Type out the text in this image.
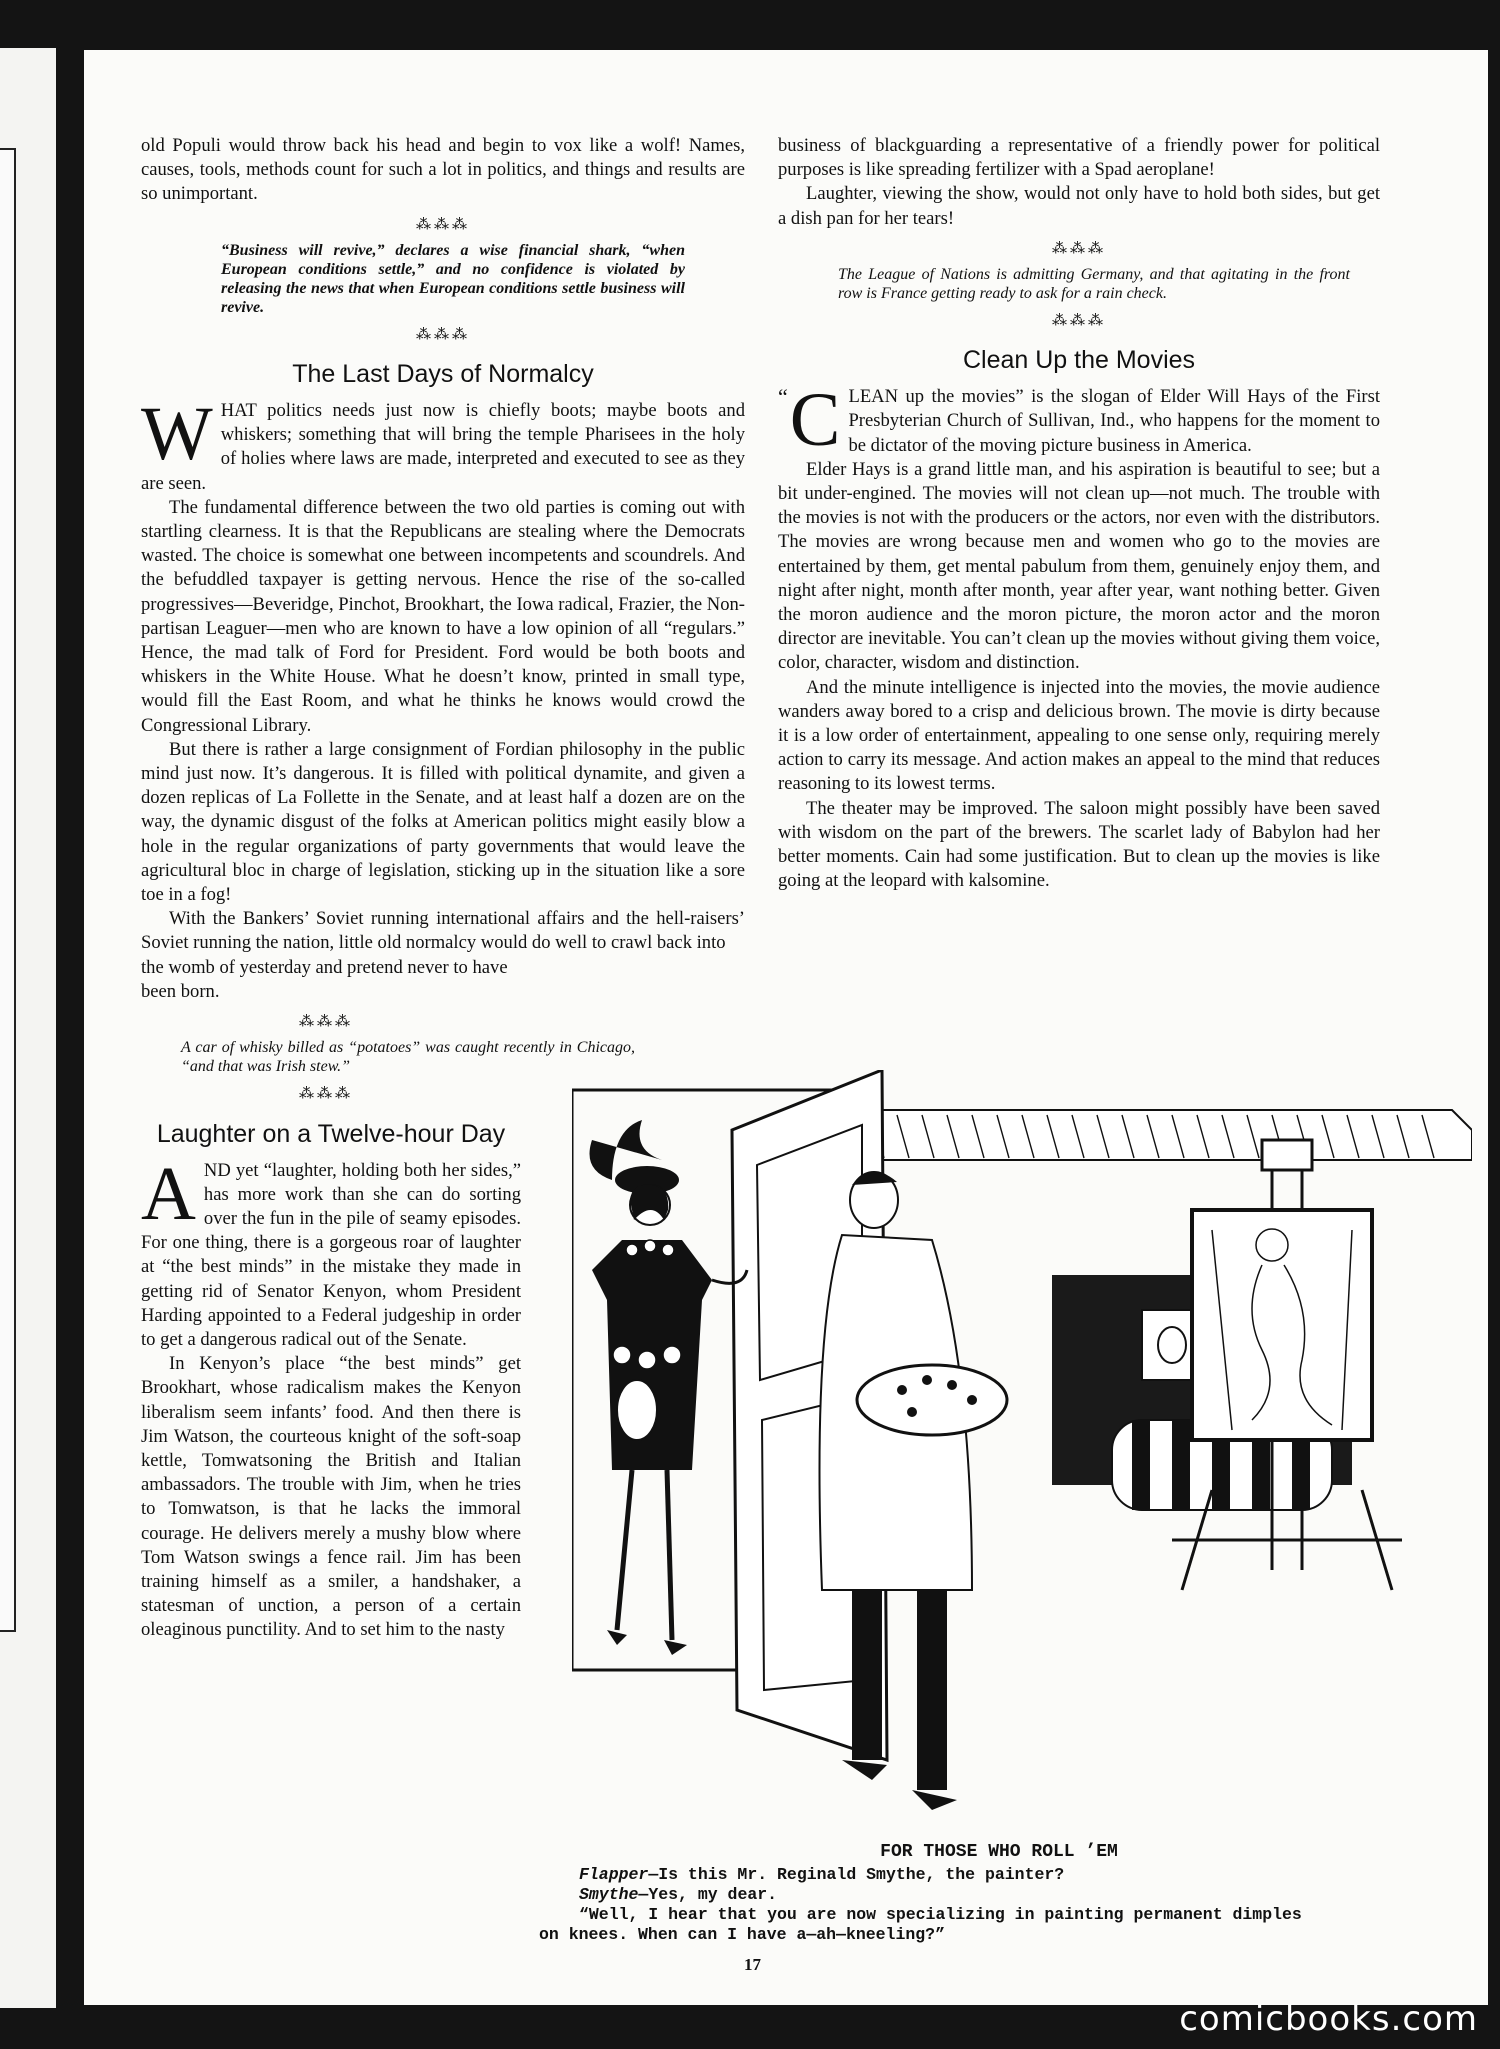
old Populi would throw back his head and begin to vox like a wolf! Names, causes, tools, methods count for such a lot in politics, and things and results are so unimportant.

⁂⁂⁂
“Business will revive,” declares a wise financial shark, “when European conditions settle,” and no confidence is violated by releasing the news that when European conditions settle business will revive.
⁂⁂⁂
The Last Days of Normalcy

WHAT politics needs just now is chiefly boots; maybe boots and whiskers; something that will bring the temple Pharisees in the holy of holies where laws are made, interpreted and executed to see as they are seen.

The fundamental difference between the two old parties is coming out with startling clearness. It is that the Republicans are stealing where the Democrats wasted. The choice is somewhat one between incompetents and scoundrels. And the befuddled taxpayer is getting nervous. Hence the rise of the so-called progressives—Beveridge, Pinchot, Brookhart, the Iowa radical, Frazier, the Non-partisan Leaguer—men who are known to have a low opinion of all “regulars.” Hence, the mad talk of Ford for President. Ford would be both boots and whiskers in the White House. What he doesn’t know, printed in small type, would fill the East Room, and what he thinks he knows would crowd the Congressional Library.

But there is rather a large consignment of Fordian philosophy in the public mind just now. It’s dangerous. It is filled with political dynamite, and given a dozen replicas of La Follette in the Senate, and at least half a dozen are on the way, the dynamic disgust of the folks at American politics might easily blow a hole in the regular organizations of party governments that would leave the agricultural bloc in charge of legislation, sticking up in the situation like a sore toe in a fog!

With the Bankers’ Soviet running international affairs and the hell-raisers’ Soviet running the nation, little old normalcy would do well to crawl back into

the womb of yesterday and pretend never to have been born.

⁂⁂⁂
A car of whisky billed as “potatoes” was caught recently in Chicago, “and that was Irish stew.”
⁂⁂⁂
Laughter on a Twelve-hour Day

AND yet “laughter, holding both her sides,” has more work than she can do sorting over the fun in the pile of seamy episodes. For one thing, there is a gorgeous roar of laughter at “the best minds” in the mistake they made in getting rid of Senator Kenyon, whom President Harding appointed to a Federal judgeship in order to get a dangerous radical out of the Senate.

In Kenyon’s place “the best minds” get Brookhart, whose radicalism makes the Kenyon liberalism seem infants’ food. And then there is Jim Watson, the courteous knight of the soft-soap kettle, Tomwatsoning the British and Italian ambassadors. The trouble with Jim, when he tries to Tomwatson, is that he lacks the immoral courage. He delivers merely a mushy blow where Tom Watson swings a fence rail. Jim has been training himself as a smiler, a handshaker, a statesman of unction, a person of a certain oleaginous punctility. And to set him to the nasty

business of blackguarding a representative of a friendly power for political purposes is like spreading fertilizer with a Spad aeroplane!

Laughter, viewing the show, would not only have to hold both sides, but get a dish pan for her tears!

⁂⁂⁂
The League of Nations is admitting Germany, and that agitating in the front row is France getting ready to ask for a rain check.
⁂⁂⁂
Clean Up the Movies

“ C LEAN up the movies” is the slogan of Elder Will Hays of the First Presbyterian Church of Sullivan, Ind., who happens for the moment to be dictator of the moving picture business in America.

Elder Hays is a grand little man, and his aspiration is beautiful to see; but a bit under-engined. The movies will not clean up—not much. The trouble with the movies is not with the producers or the actors, nor even with the distributors. The movies are wrong because men and women who go to the movies are entertained by them, get mental pabulum from them, genuinely enjoy them, and night after night, month after month, year after year, want nothing better. Given the moron audience and the moron picture, the moron actor and the moron director are inevitable. You can’t clean up the movies without giving them voice, color, character, wisdom and distinction.

And the minute intelligence is injected into the movies, the movie audience wanders away bored to a crisp and delicious brown. The movie is dirty because it is a low order of entertainment, appealing to one sense only, requiring merely action to carry its message. And action makes an appeal to the mind that reduces reasoning to its lowest terms.

The theater may be improved. The saloon might possibly have been saved with wisdom on the part of the brewers. The scarlet lady of Babylon had her better moments. Cain had some justification. But to clean up the movies is like going at the leopard with kalsomine.

FOR THOSE WHO ROLL ’EM
Flapper—Is this Mr. Reginald Smythe, the painter?
Smythe—Yes, my dear.
“Well, I hear that you are now specializing in painting permanent dimples
on knees. When can I have a—ah—kneeling?”
17
comicbooks.com
